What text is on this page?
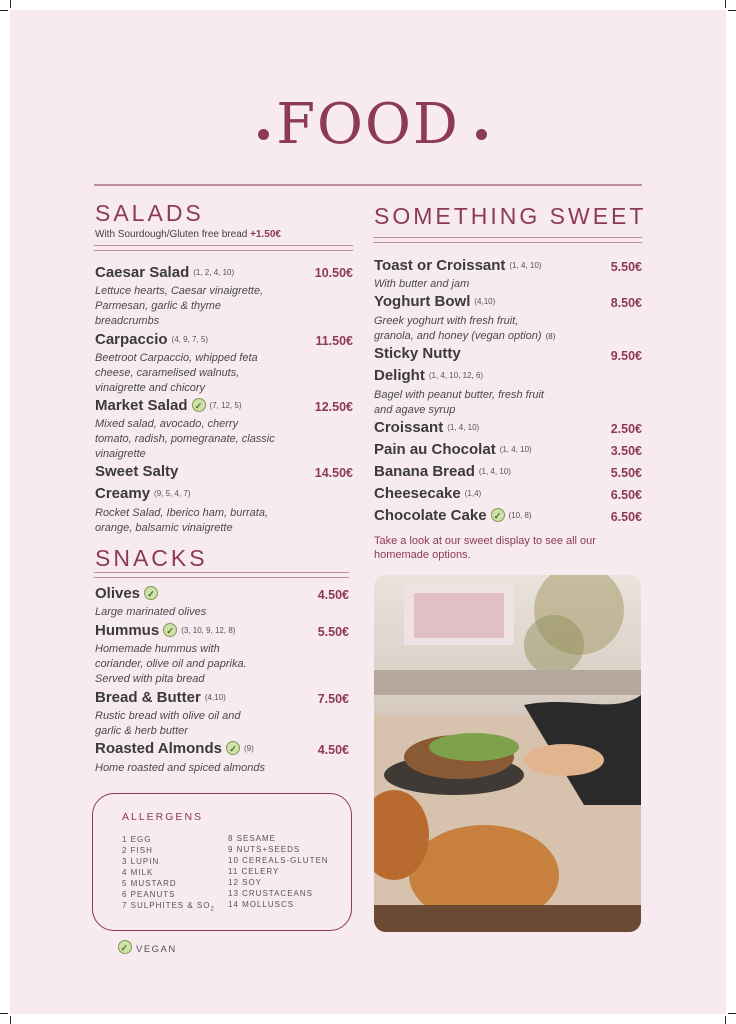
FOOD
SALADS
With Sourdough/Gluten free bread +1.50€
Caesar Salad (1, 2, 4, 10)	10.50€
Lettuce hearts, Caesar vinaigrette,
Parmesan, garlic & thyme
breadcrumbs
Carpaccio (4, 9, 7, 5)	11.50€
Beetroot Carpaccio, whipped feta
cheese, caramelised walnuts,
vinaigrette and chicory
Market Salad ✓ (7, 12, 5)	12.50€
Mixed salad, avocado, cherry
tomato, radish, pomegranate, classic
vinaigrette
Sweet Salty	14.50€
Creamy (9, 5, 4, 7)
Rocket Salad, Iberico ham, burrata,
orange, balsamic vinaigrette
SNACKS
Olives ✓	4.50€
Large marinated olives
Hummus ✓ (3, 10, 9, 12, 8)	5.50€
Homemade hummus with
coriander, olive oil and paprika.
Served with pita bread
Bread & Butter (4,10)	7.50€
Rustic bread with olive oil and
garlic & herb butter
Roasted Almonds ✓ (9)	4.50€
Home roasted and spiced almonds
ALLERGENS
1 EGG
2 FISH
3 LUPIN
4 MILK
5 MUSTARD
6 PEANUTS
7 SULPHITES & $SO_2$
8 SESAME
9 NUTS+SEEDS
10 CEREALS-GLUTEN
11 CELERY
12 SOY
13 CRUSTACEANS
14 MOLLUSCS
✓ VEGAN
SOMETHING SWEET
Toast or Croissant (1, 4, 10)	5.50€
With butter and jam
Yoghurt Bowl (4,10)	8.50€
Greek yoghurt with fresh fruit,
granola, and honey (vegan option) (8)
Sticky Nutty	9.50€
Delight (1, 4, 10, 12, 6)
Bagel with peanut butter, fresh fruit
and agave syrup
Croissant (1, 4, 10)	2.50€
Pain au Chocolat (1, 4, 10)	3.50€
Banana Bread (1, 4, 10)	5.50€
Cheesecake (1,4)	6.50€
Chocolate Cake ✓ (10, 8)	6.50€
Take a look at our sweet display to see all our
homemade options.
